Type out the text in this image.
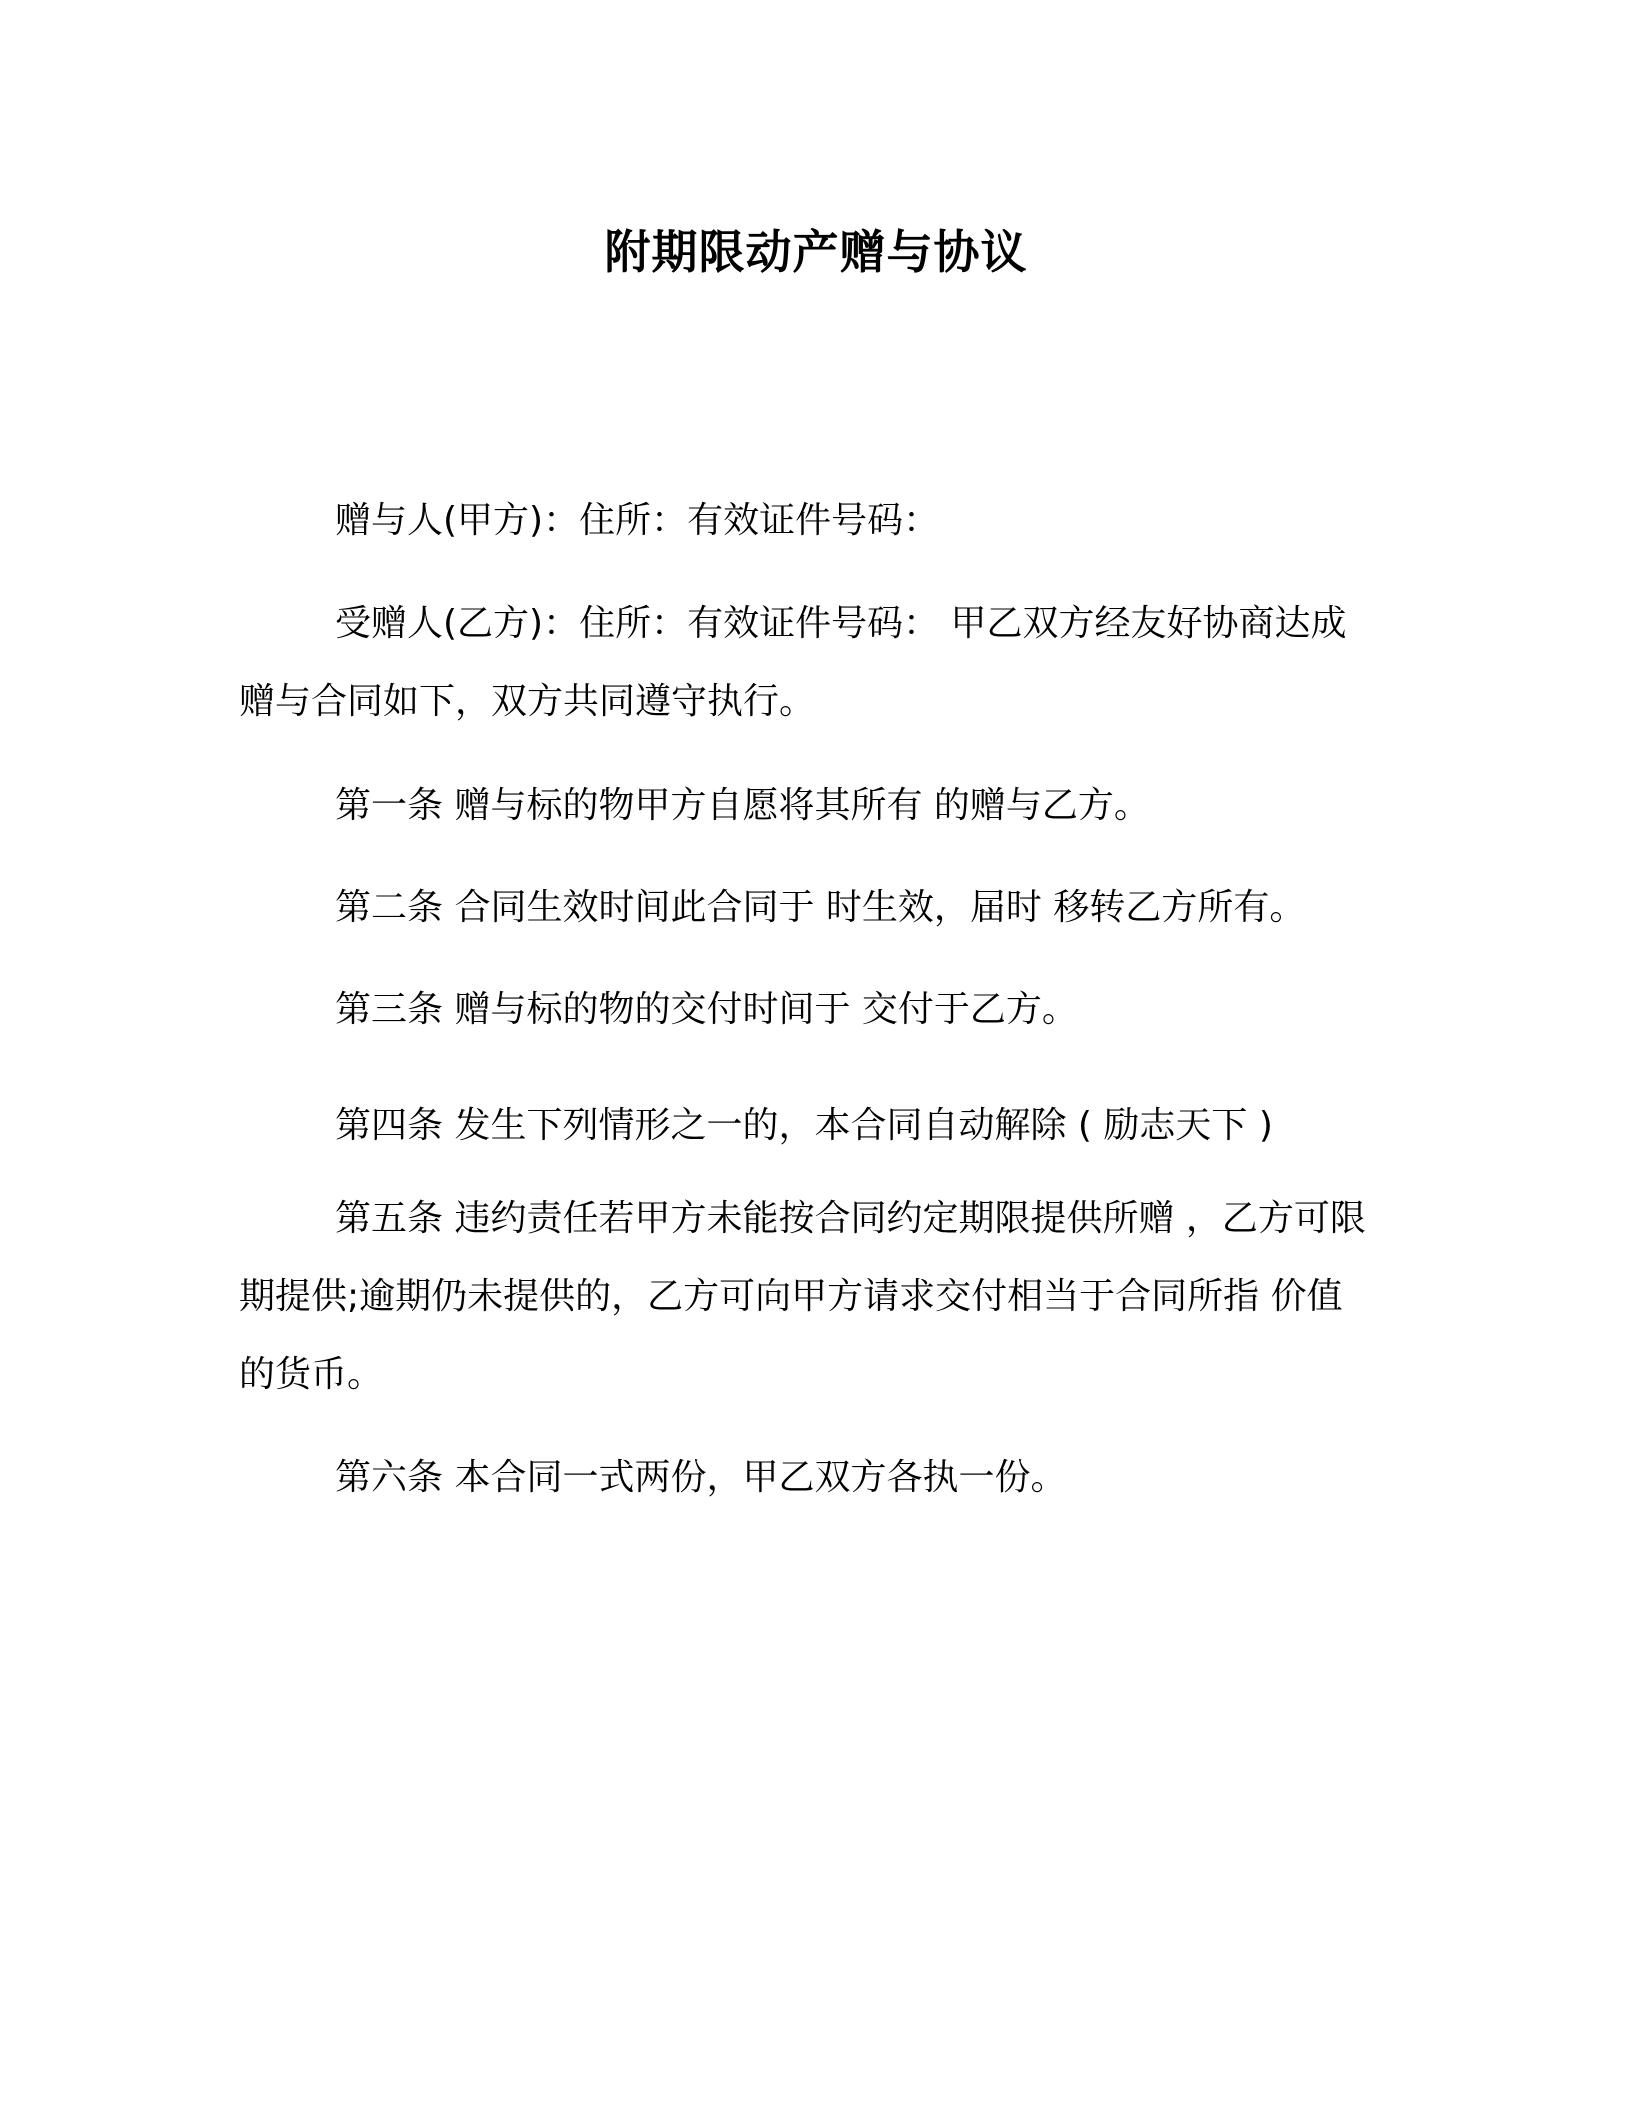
附期限动产赠与协议
赠与人(甲方)：住所：有效证件号码：
受赠人(乙方)：住所：有效证件号码： 甲乙双方经友好协商达成赠与合同如下，双方共同遵守执行。
第一条 赠与标的物甲方自愿将其所有 的赠与乙方。
第二条 合同生效时间此合同于 时生效，届时 移转乙方所有。
第三条 赠与标的物的交付时间于 交付于乙方。
第四条 发生下列情形之一的，本合同自动解除 ( 励志天下 )
第五条 违约责任若甲方未能按合同约定期限提供所赠 ，乙方可限期提供;逾期仍未提供的，乙方可向甲方请求交付相当于合同所指 价值的货币。
第六条 本合同一式两份，甲乙双方各执一份。
